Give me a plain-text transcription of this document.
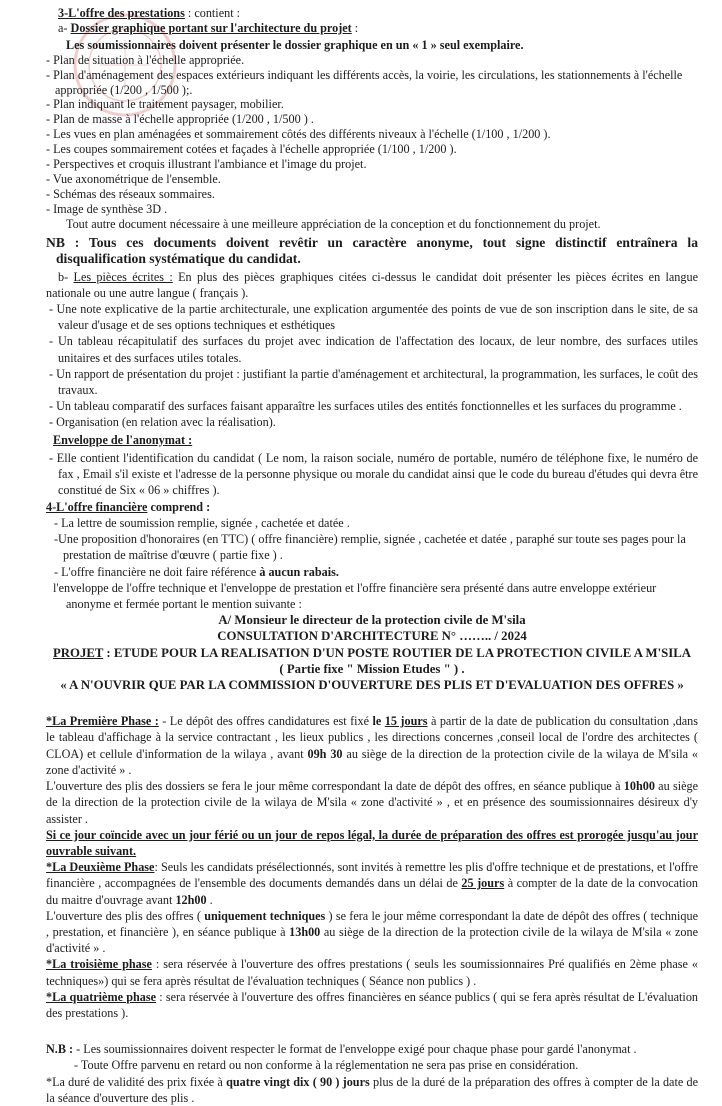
3-L'offre des prestations : contient :
a- Dossier graphique portant sur l'architecture du projet :
Les soumissionnaires doivent présenter le dossier graphique en un « 1 » seul exemplaire.
- Plan de situation à l'échelle appropriée.
- Plan d'aménagement des espaces extérieurs indiquant les différents accès, la voirie, les circulations, les stationnements à l'échelle appropriée (1/200 , 1/500 );.
- Plan indiquant le traitement paysager, mobilier.
- Plan de masse à l'échelle appropriée (1/200 , 1/500 ) .
- Les vues en plan aménagées et sommairement côtés des différents niveaux à l'échelle (1/100 , 1/200 ).
- Les coupes sommairement cotées et façades à l'échelle appropriée (1/100 , 1/200 ).
- Perspectives et croquis illustrant l'ambiance et l'image du projet.
- Vue axonométrique de l'ensemble.
- Schémas des réseaux sommaires.
- Image de synthèse 3D .
Tout autre document nécessaire à une meilleure appréciation de la conception et du fonctionnement du projet.
NB : Tous ces documents doivent revêtir un caractère anonyme, tout signe distinctif entraînera la disqualification systématique du candidat.
b- Les pièces écrites : En plus des pièces graphiques citées ci-dessus le candidat doit présenter les pièces écrites en langue nationale ou une autre langue ( français ).
- Une note explicative de la partie architecturale, une explication argumentée des points de vue de son inscription dans le site, de sa valeur d'usage et de ses options techniques et esthétiques
- Un tableau récapitulatif des surfaces du projet avec indication de l'affectation des locaux, de leur nombre, des surfaces utiles unitaires et des surfaces utiles totales.
- Un rapport de présentation du projet : justifiant la partie d'aménagement et architectural, la programmation, les surfaces, le coût des travaux.
- Un tableau comparatif des surfaces faisant apparaître les surfaces utiles des entités fonctionnelles et les surfaces du programme .
- Organisation (en relation avec la réalisation).
Enveloppe de l'anonymat :
- Elle contient l'identification du candidat ( Le nom, la raison sociale, numéro de portable, numéro de téléphone fixe, le numéro de fax , Email s'il existe et l'adresse de la personne physique ou morale du candidat ainsi que le code du bureau d'études qui devra être constitué de Six « 06 » chiffres ).
4-L'offre financière comprend :
- La lettre de soumission remplie, signée , cachetée et datée .
-Une proposition d'honoraires (en TTC) ( offre financière) remplie, signée , cachetée et datée , paraphé sur toute ses pages pour la prestation de maîtrise d'œuvre ( partie fixe ) .
- L'offre financière ne doit faire référence à aucun rabais.
l'enveloppe de l'offre technique et l'enveloppe de prestation et l'offre financière sera présenté dans autre enveloppe extérieur anonyme et fermée portant le mention suivante :
A/ Monsieur le directeur de la protection civile de M'sila
CONSULTATION D'ARCHITECTURE N° …….. / 2024
PROJET : ETUDE POUR LA REALISATION D'UN POSTE ROUTIER DE LA PROTECTION CIVILE A M'SILA
( Partie fixe " Mission Etudes " ) .
« A N'OUVRIR QUE PAR LA COMMISSION D'OUVERTURE DES PLIS ET D'EVALUATION DES OFFRES »
*La Première Phase : - Le dépôt des offres candidatures est fixé le 15 jours à partir de la date de publication du consultation ,dans le tableau d'affichage à la service contractant , les lieux publics , les directions concernes ,conseil local de l'ordre des architectes ( CLOA) et cellule d'information de la wilaya , avant 09h 30 au siège de la direction de la protection civile de la wilaya de M'sila « zone d'activité » .
L'ouverture des plis des dossiers se fera le jour même correspondant la date de dépôt des offres, en séance publique à 10h00 au siège de la direction de la protection civile de la wilaya de M'sila « zone d'activité » , et en présence des soumissionnaires désireux d'y assister .
Si ce jour coïncide avec un jour férié ou un jour de repos légal, la durée de préparation des offres est prorogée jusqu'au jour ouvrable suivant.
*La Deuxième Phase: Seuls les candidats présélectionnés, sont invités à remettre les plis d'offre technique et de prestations, et l'offre financière , accompagnées de l'ensemble des documents demandés dans un délai de 25 jours à compter de la date de la convocation du maitre d'ouvrage avant 12h00 .
L'ouverture des plis des offres ( uniquement techniques ) se fera le jour même correspondant la date de dépôt des offres ( technique , prestation, et financière ), en séance publique à 13h00 au siège de la direction de la protection civile de la wilaya de M'sila « zone d'activité » .
*La troisième phase : sera réservée à l'ouverture des offres prestations ( seuls les soumissionnaires Pré qualifiés en 2ème phase « techniques») qui se fera après résultat de l'évaluation techniques ( Séance non publics ) .
*La quatrième phase : sera réservée à l'ouverture des offres financières en séance publics ( qui se fera après résultat de L'évaluation des prestations ).
N.B : - Les soumissionnaires doivent respecter le format de l'enveloppe exigé pour chaque phase pour gardé l'anonymat .
- Toute Offre parvenu en retard ou non conforme à la réglementation ne sera pas prise en considération.
*La duré de validité des prix fixée à quatre vingt dix ( 90 ) jours plus de la duré de la préparation des offres à compter de la date de la séance d'ouverture des plis .
